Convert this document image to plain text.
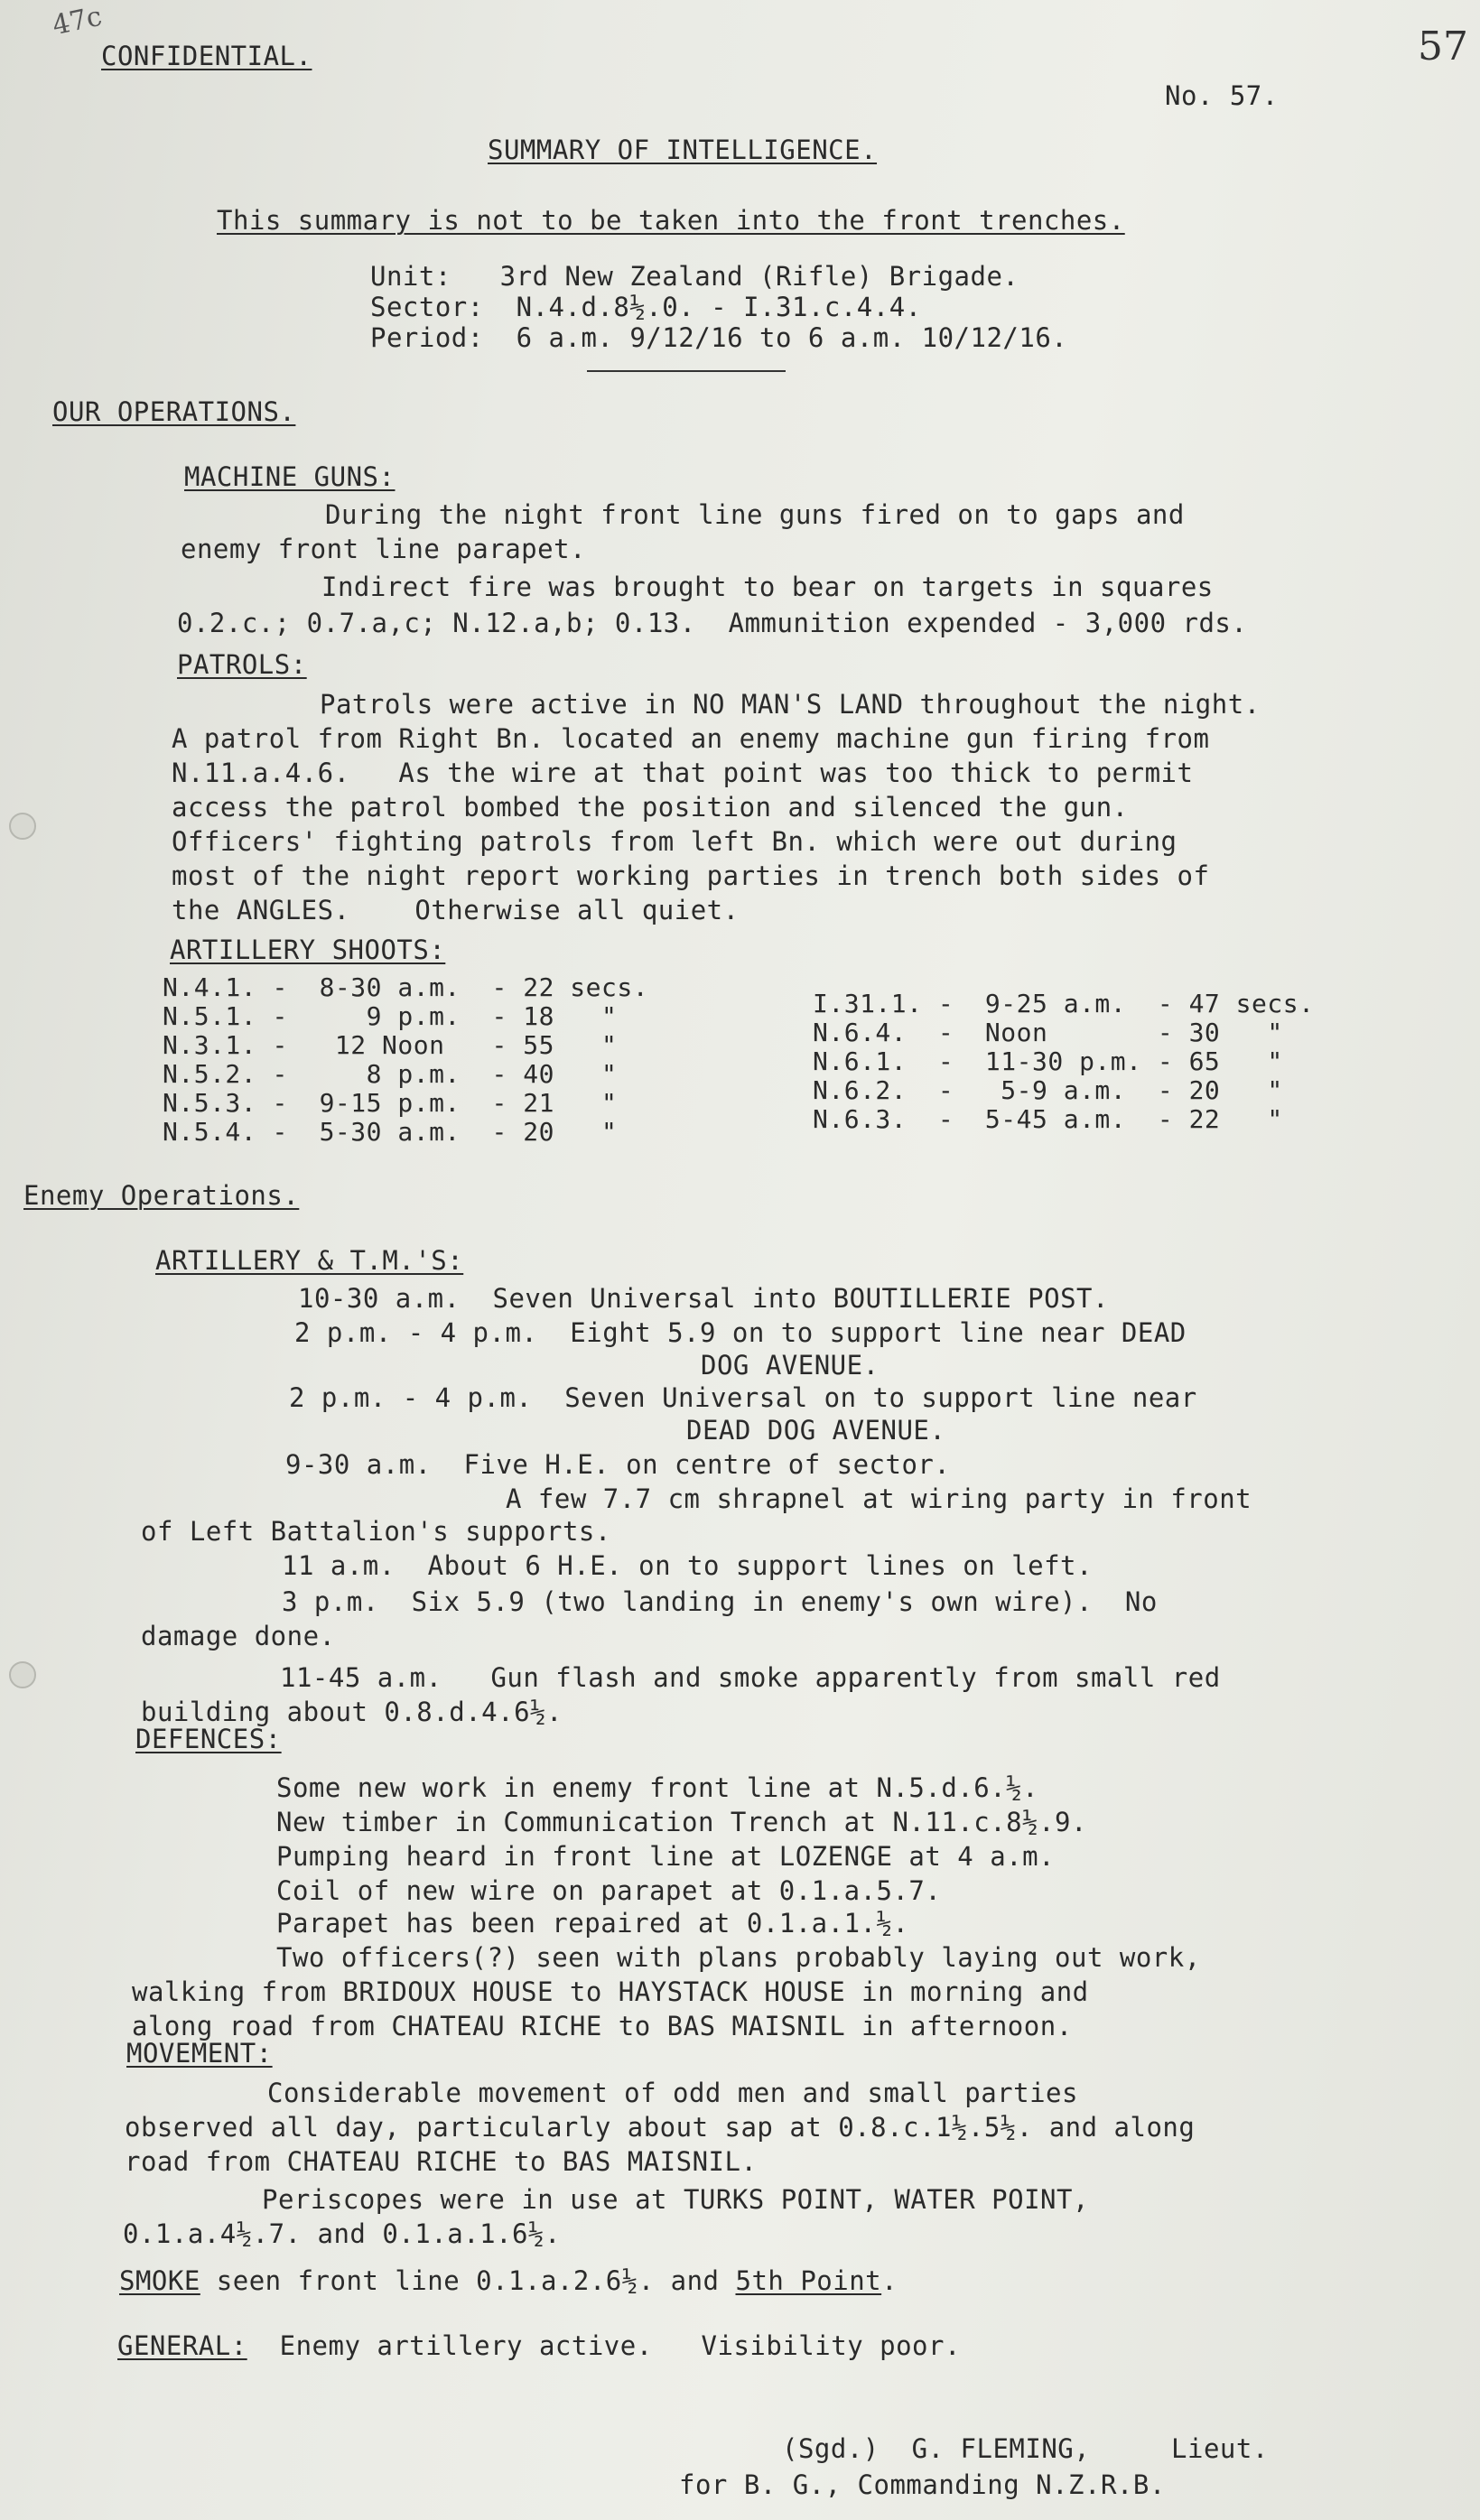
47c
57
CONFIDENTIAL.
No. 57.
SUMMARY OF INTELLIGENCE.
This summary is not to be taken into the front trenches.
Unit:   3rd New Zealand (Rifle) Brigade.
Sector:  N.4.d.8½.0. - I.31.c.4.4.
Period:  6 a.m. 9/12/16 to 6 a.m. 10/12/16.
OUR OPERATIONS.
MACHINE GUNS:
During the night front line guns fired on to gaps and
enemy front line parapet.
Indirect fire was brought to bear on targets in squares
0.2.c.; 0.7.a,c; N.12.a,b; 0.13.  Ammunition expended - 3,000 rds.
PATROLS:
Patrols were active in NO MAN'S LAND throughout the night.
A patrol from Right Bn. located an enemy machine gun firing from
N.11.a.4.6.   As the wire at that point was too thick to permit
access the patrol bombed the position and silenced the gun.
Officers' fighting patrols from left Bn. which were out during
most of the night report working parties in trench both sides of
the ANGLES.    Otherwise all quiet.
ARTILLERY SHOOTS:
N.4.1. -  8-30 a.m.  - 22 secs.
N.5.1. -     9 p.m.  - 18   "
N.3.1. -   12 Noon   - 55   "
N.5.2. -     8 p.m.  - 40   "
N.5.3. -  9-15 p.m.  - 21   "
N.5.4. -  5-30 a.m.  - 20   "
I.31.1. -  9-25 a.m.  - 47 secs.
N.6.4.  -  Noon       - 30   "
N.6.1.  -  11-30 p.m. - 65   "
N.6.2.  -   5-9 a.m.  - 20   "
N.6.3.  -  5-45 a.m.  - 22   "
Enemy Operations.
ARTILLERY & T.M.'S:
10-30 a.m.  Seven Universal into BOUTILLERIE POST.
2 p.m. - 4 p.m.  Eight 5.9 on to support line near DEAD
DOG AVENUE.
2 p.m. - 4 p.m.  Seven Universal on to support line near
DEAD DOG AVENUE.
9-30 a.m.  Five H.E. on centre of sector.
A few 7.7 cm shrapnel at wiring party in front
of Left Battalion's supports.
11 a.m.  About 6 H.E. on to support lines on left.
3 p.m.  Six 5.9 (two landing in enemy's own wire).  No
damage done.
11-45 a.m.   Gun flash and smoke apparently from small red
building about 0.8.d.4.6½.
DEFENCES:
Some new work in enemy front line at N.5.d.6.½.
New timber in Communication Trench at N.11.c.8½.9.
Pumping heard in front line at LOZENGE at 4 a.m.
Coil of new wire on parapet at 0.1.a.5.7.
Parapet has been repaired at 0.1.a.1.½.
Two officers(?) seen with plans probably laying out work,
walking from BRIDOUX HOUSE to HAYSTACK HOUSE in morning and
along road from CHATEAU RICHE to BAS MAISNIL in afternoon.
MOVEMENT:
Considerable movement of odd men and small parties
observed all day, particularly about sap at 0.8.c.1½.5½. and along
road from CHATEAU RICHE to BAS MAISNIL.
Periscopes were in use at TURKS POINT, WATER POINT,
0.1.a.4½.7. and 0.1.a.1.6½.
SMOKE seen front line 0.1.a.2.6½. and 5th Point.
GENERAL:  Enemy artillery active.   Visibility poor.
(Sgd.)  G. FLEMING,     Lieut.
for B. G., Commanding N.Z.R.B.
